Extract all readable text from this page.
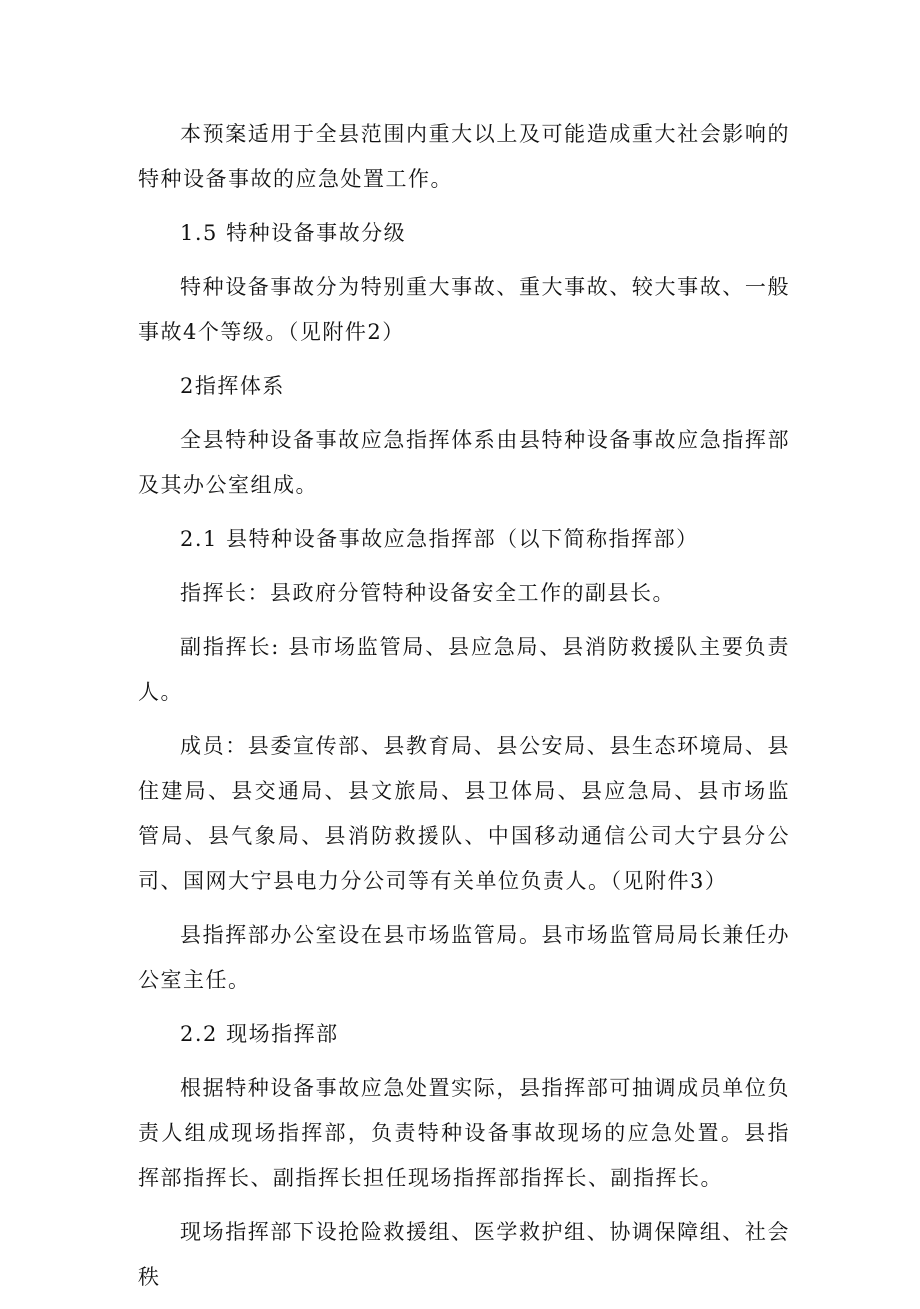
本预案适用于全县范围内重大以上及可能造成重大社会影响的特种设备事故的应急处置工作。

1.5 特种设备事故分级

特种设备事故分为特别重大事故、重大事故、较大事故、一般事故4个等级。（见附件2）

2指挥体系

全县特种设备事故应急指挥体系由县特种设备事故应急指挥部及其办公室组成。

2.1 县特种设备事故应急指挥部（以下简称指挥部）

指挥长：县政府分管特种设备安全工作的副县长。

副指挥长: 县市场监管局、县应急局、县消防救援队主要负责人。

成员：县委宣传部、县教育局、县公安局、县生态环境局、县住建局、县交通局、县文旅局、县卫体局、县应急局、县市场监管局、县气象局、县消防救援队、中国移动通信公司大宁县分公司、国网大宁县电力分公司等有关单位负责人。（见附件3）

县指挥部办公室设在县市场监管局。县市场监管局局长兼任办公室主任。

2.2 现场指挥部

根据特种设备事故应急处置实际，县指挥部可抽调成员单位负责人组成现场指挥部，负责特种设备事故现场的应急处置。县指挥部指挥长、副指挥长担任现场指挥部指挥长、副指挥长。

现场指挥部下设抢险救援组、医学救护组、协调保障组、社会秩
